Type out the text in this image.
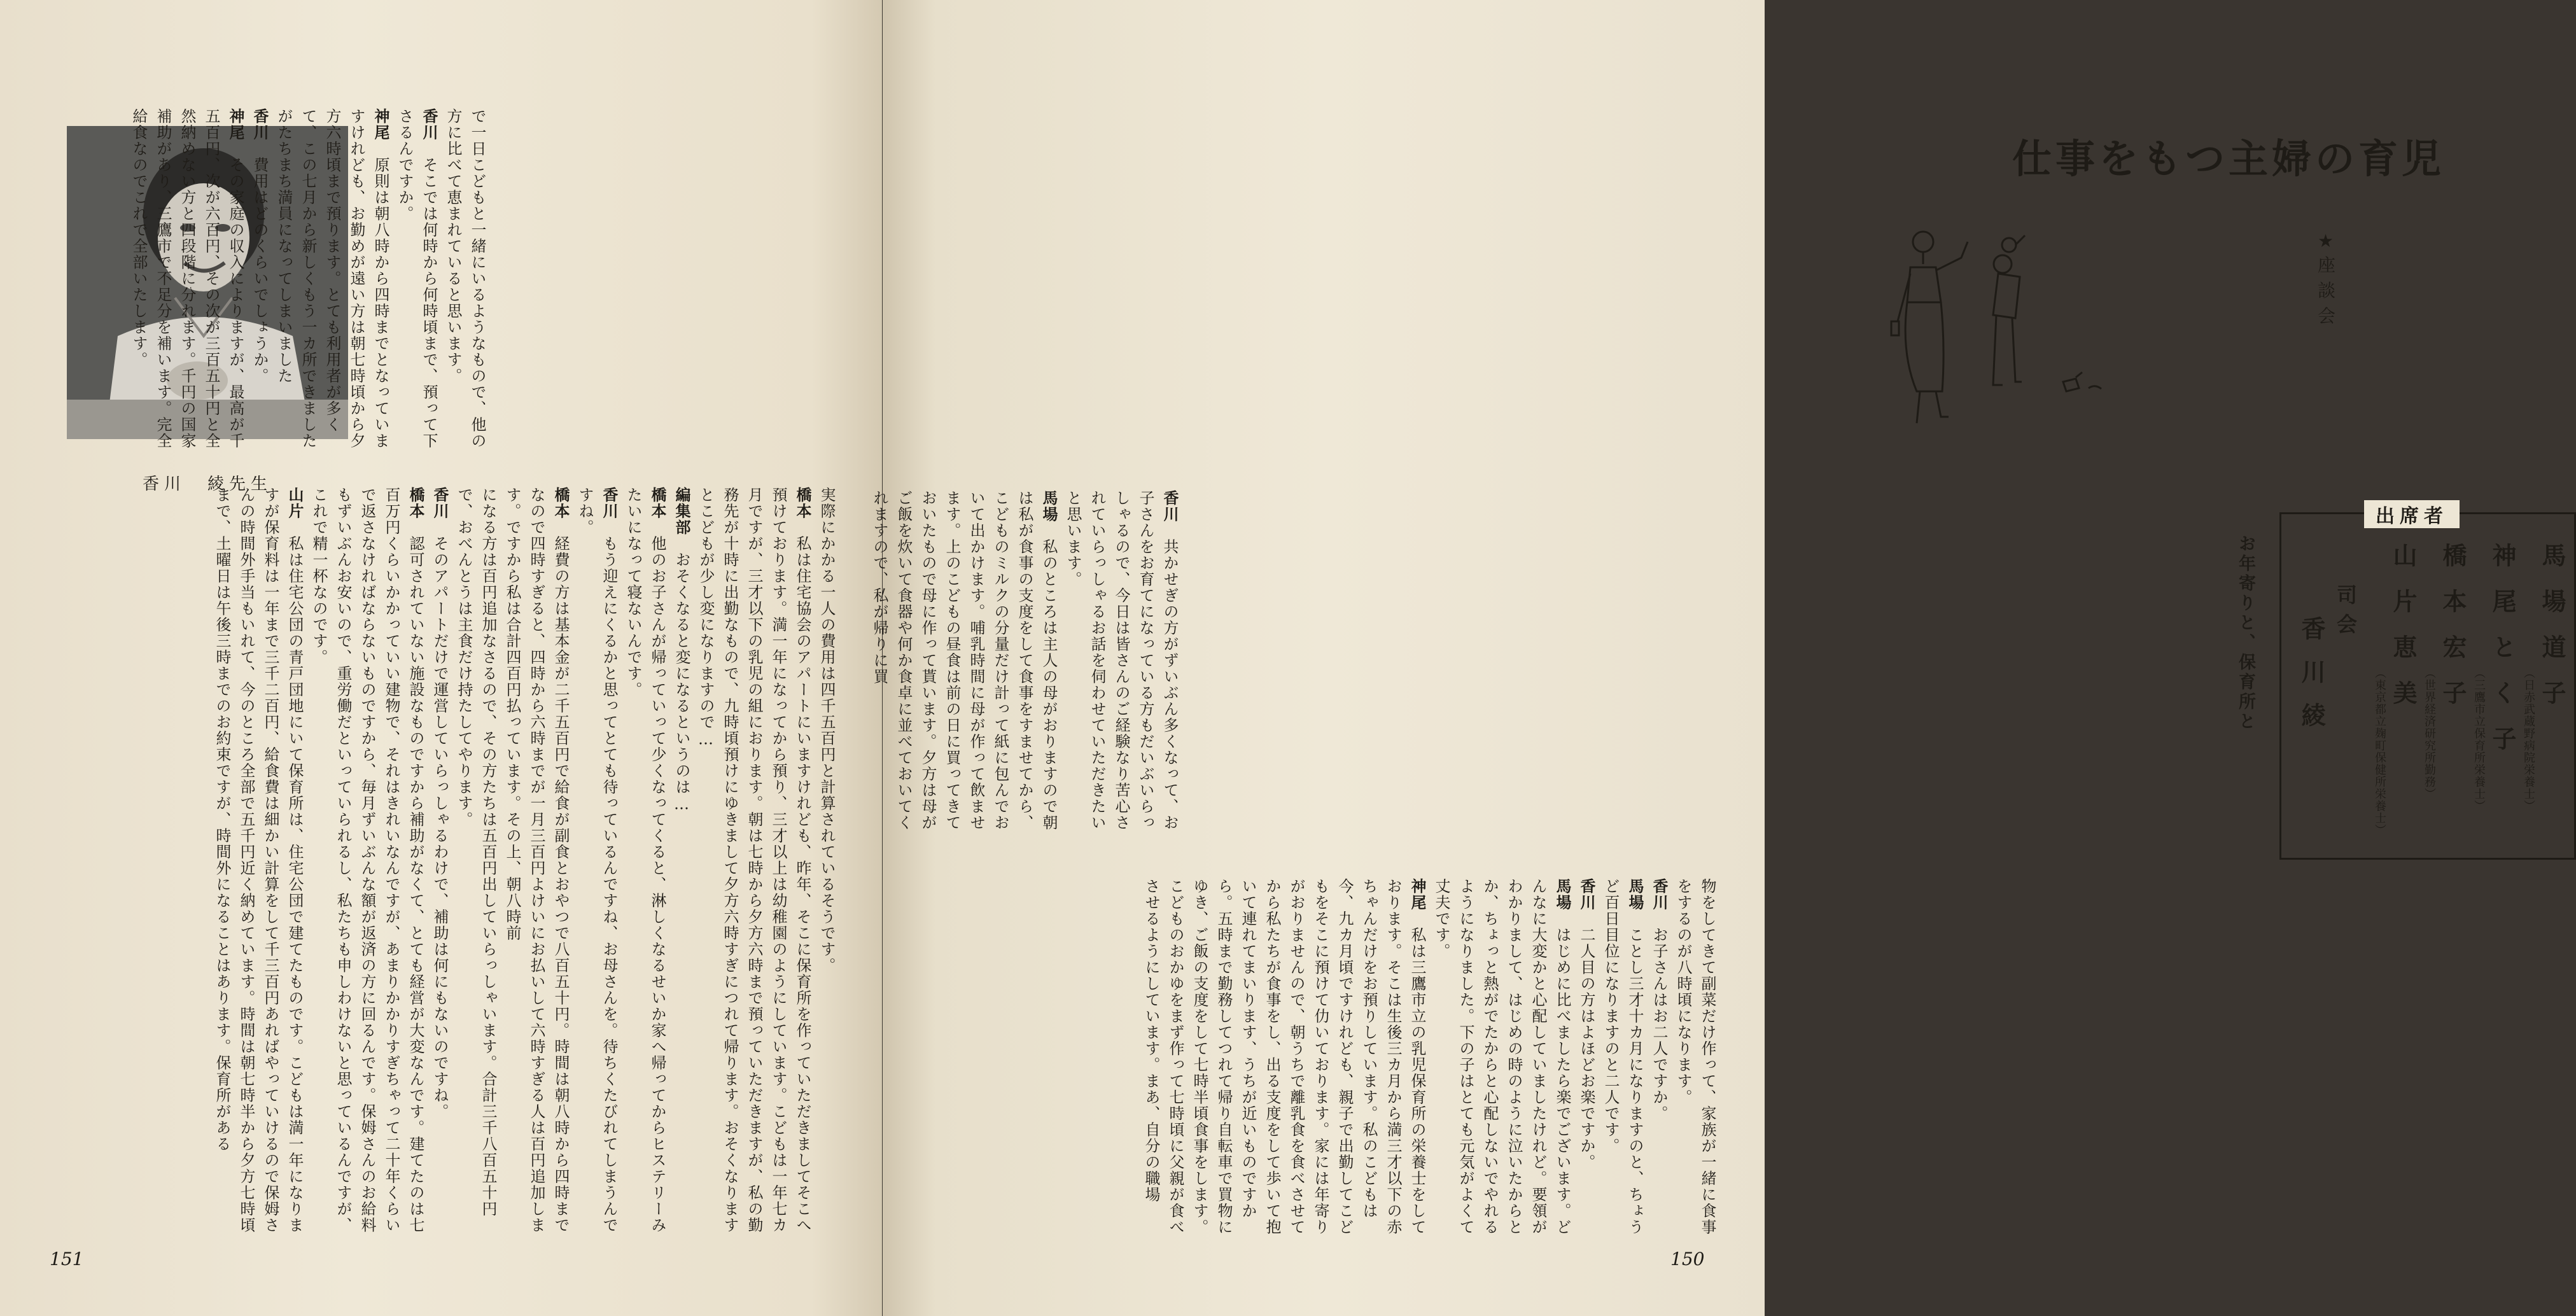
香川　綾先生

で一日こどもと一緒にいるようなもので、他の方に比べて恵まれていると思います。

香川　そこでは何時から何時頃まで、預って下さるんですか。

神尾　原則は朝八時から四時までとなっていますけれども、お勤めが遠い方は朝七時頃から夕方六時頃まで預ります。とても利用者が多くて、この七月から新しくもう一カ所できましたがたちまち満員になってしまいました

香川　費用はどのくらいでしょうか。

神尾　その家庭の収入によりますが、最高が千五百円、次が六百円、その次が三百五十円と全然納めない方と四段階に分れます。千円の国家補助があり、三鷹市で不足分を補います。完全給食なのでこれで全部いたします。

実際にかかる一人の費用は四千五百円と計算されているそうです。

橋本　私は住宅協会のアパートにいますけれども、昨年、そこに保育所を作っていただきましてそこへ預けております。満一年になってから預り、三才以上は幼稚園のようにしています。こどもは一年七カ月ですが、三才以下の乳児の組におります。朝は七時から夕方六時まで預っていただきますが、私の勤務先が十時に出勤なもので、九時頃預けにゆきまして夕方六時すぎにつれて帰ります。おそくなりますとこどもが少し変になりますので…

編集部　おそくなると変になるというのは…

橋本　他のお子さんが帰っていって少くなってくると、淋しくなるせいか家へ帰ってからヒステリーみたいになって寝ないんです。

香川　もう迎えにくるかと思ってとても待っているんですね、お母さんを。待ちくたびれてしまうんですね。

橋本　経費の方は基本金が二千五百円で給食が副食とおやつで八百五十円。時間は朝八時から四時までなので四時すぎると、四時から六時までが一月三百円よけいにお払いして六時すぎる人は百円追加します。ですから私は合計四百円払っています。その上、朝八時前

になる方は百円追加なさるので、その方たちは五百円出していらっしゃいます。合計三千八百五十円で、おべんとうは主食だけ持たしてやります。

香川　そのアパートだけで運営していらっしゃるわけで、補助は何にもないのですね。

橋本　認可されていない施設なものですから補助がなくて、とても経営が大変なんです。建てたのは七百万円くらいかかっていい建物で、それはきれいなんですが、あまりかかりすぎちゃって二十年くらいで返さなければならないものですから、毎月ずいぶんな額が返済の方に回るんです。保姆さんのお給料もずいぶんお安いので、重労働だといっていられるし、私たちも申しわけないと思っているんですが、これで精一杯なのです。

山片　私は住宅公団の青戸団地にいて保育所は、住宅公団で建てたものです。こどもは満一年になりますが保育料は一年まで三千二百円、給食費は細かい計算をして千三百円あればやっていけるので保姆さんの時間外手当もいれて、今のところ全部で五千円近く納めています。時間は朝七時半から夕方七時頃まで、土曜日は午後三時までのお約束ですが、時間外になることはあります。保育所がある

151
仕事をもつ主婦の育児
★座談会
出席者
馬場道子
（日赤武蔵野病院栄養士）
神尾とく子
（三鷹市立保育所栄養士）
橋本宏子
（世界経済研究所勤務）
山片恵美
（東京都立麹町保健所栄養士）
司会
香川綾
お年寄りと、保育所と

香川　共かせぎの方がずいぶん多くなって、お子さんをお育てになっている方もだいぶいらっしゃるので、今日は皆さんのご経験なり苦心されていらっしゃるお話を伺わせていただきたいと思います。

馬場　私のところは主人の母がおりますので朝は私が食事の支度をして食事をすませてから、こどものミルクの分量だけ計って紙に包んでおいて出かけます。哺乳時間に母が作って飲ませます。上のこどもの昼食は前の日に買ってきておいたもので母に作って貰います。夕方は母がご飯を炊いて食器や何か食卓に並べておいてくれますので、私が帰りに買

物をしてきて副菜だけ作って、家族が一緒に食事をするのが八時頃になります。

香川　お子さんはお二人ですか。

馬場　ことし三才十カ月になりますのと、ちょうど百日目位になりますのと二人です。

香川　二人目の方はよほどお楽ですか。

馬場　はじめに比べましたら楽でございます。どんなに大変かと心配していましたけれど。要領がわかりまして、はじめの時のように泣いたからとか、ちょっと熱がでたからと心配しないでやれるようになりました。下の子はとても元気がよくて丈夫です。

神尾　私は三鷹市立の乳児保育所の栄養士をしております。そこは生後三カ月から満三才以下の赤ちゃんだけをお預りしています。私のこどもは今、九カ月頃ですけれども、親子で出勤してこどもをそこに預けて仂いております。家には年寄りがおりませんので、朝うちで離乳食を食べさせてから私たちが食事をし、出る支度をして歩いて抱いて連れてまいります、うちが近いものですから。五時まで勤務してつれて帰り自転車で買物にゆき、ご飯の支度をして七時半頃食事をします。こどものおかゆをまず作って七時頃に父親が食べさせるようにしています。まあ、自分の職場

150
